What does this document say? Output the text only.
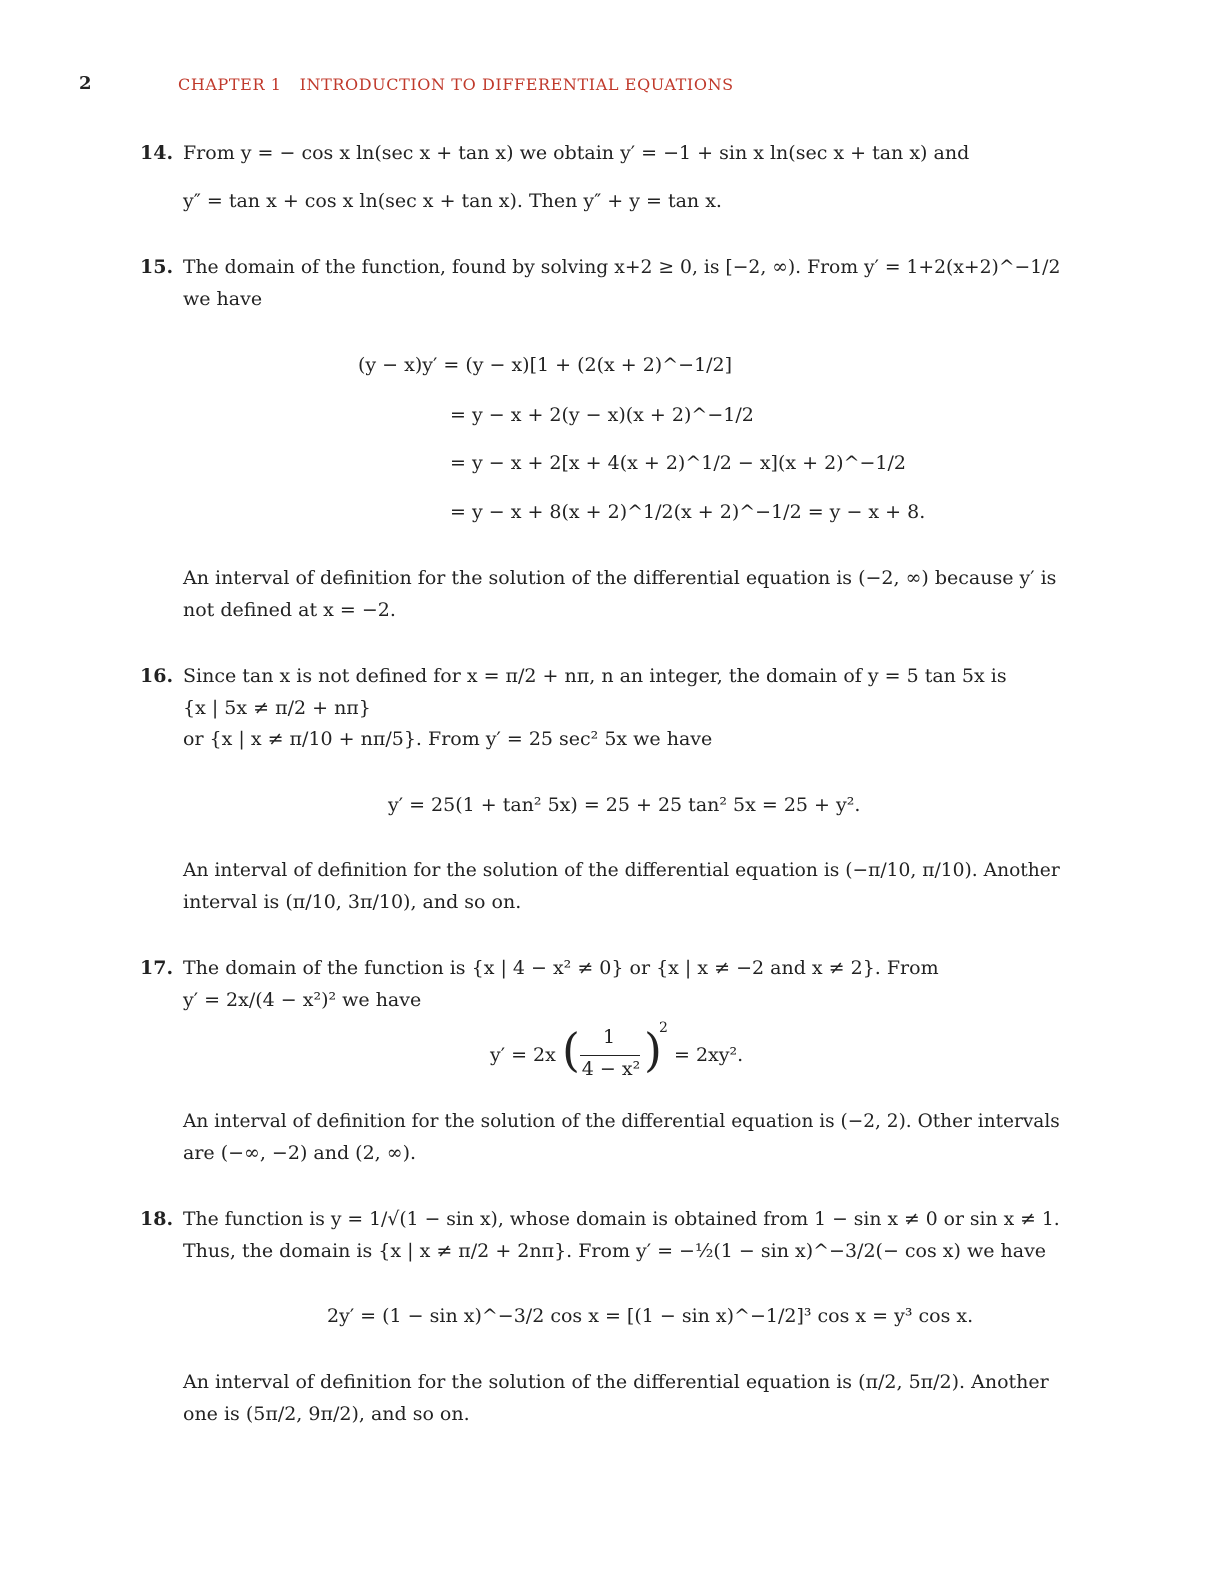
2	CHAPTER 1 INTRODUCTION TO DIFFERENTIAL EQUATIONS
14. From y = − cos x ln(sec x + tan x) we obtain y′ = −1 + sin x ln(sec x + tan x) and
y″ = tan x + cos x ln(sec x + tan x). Then y″ + y = tan x.
15. The domain of the function, found by solving x+2 ≥ 0, is [−2, ∞). From y′ = 1+2(x+2)^−1/2
we have
(y − x)y′ = (y − x)[1 + (2(x + 2)^−1/2]
= y − x + 2(y − x)(x + 2)^−1/2
= y − x + 2[x + 4(x + 2)^1/2 − x](x + 2)^−1/2
= y − x + 8(x + 2)^1/2(x + 2)^−1/2 = y − x + 8.
An interval of definition for the solution of the differential equation is (−2, ∞) because y′ is
not defined at x = −2.
16. Since tan x is not defined for x = π/2 + nπ, n an integer, the domain of y = 5 tan 5x is
{x | 5x ≠ π/2 + nπ}
or {x | x ≠ π/10 + nπ/5}. From y′ = 25 sec² 5x we have
y′ = 25(1 + tan² 5x) = 25 + 25 tan² 5x = 25 + y².
An interval of definition for the solution of the differential equation is (−π/10, π/10). Another
interval is (π/10, 3π/10), and so on.
17. The domain of the function is {x | 4 − x² ≠ 0} or {x | x ≠ −2 and x ≠ 2}. From
y′ = 2x/(4 − x²)² we have
y′ = 2x (	1
4 − x² )
2
= 2xy².
An interval of definition for the solution of the differential equation is (−2, 2). Other intervals
are (−∞, −2) and (2, ∞).
18. The function is y = 1/√(1 − sin x), whose domain is obtained from 1 − sin x ≠ 0 or sin x ≠ 1.
Thus, the domain is {x | x ≠ π/2 + 2nπ}. From y′ = −½(1 − sin x)^−3/2(− cos x) we have
2y′ = (1 − sin x)^−3/2 cos x = [(1 − sin x)^−1/2]³ cos x = y³ cos x.
An interval of definition for the solution of the differential equation is (π/2, 5π/2). Another
one is (5π/2, 9π/2), and so on.
